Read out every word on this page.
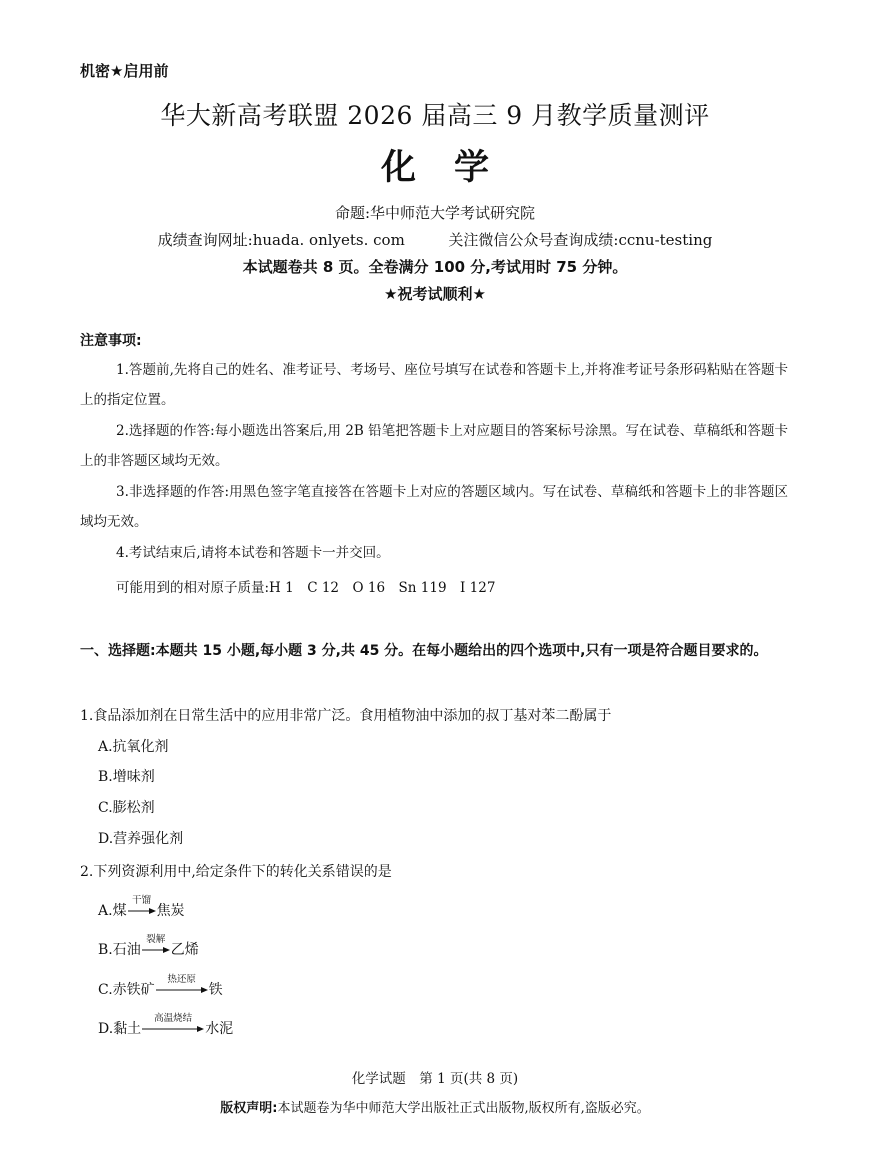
机密★启用前
华大新高考联盟 2026 届高三 9 月教学质量测评
化学
命题:华中师范大学考试研究院
成绩查询网址:huada. onlyets. com	关注微信公众号查询成绩:ccnu-testing
本试题卷共 8 页。全卷满分 100 分,考试用时 75 分钟。
★祝考试顺利★
注意事项:
1.答题前,先将自己的姓名、准考证号、考场号、座位号填写在试卷和答题卡上,并将准考证号条形码粘贴在答题卡上的指定位置。
2.选择题的作答:每小题选出答案后,用 2B 铅笔把答题卡上对应题目的答案标号涂黑。写在试卷、草稿纸和答题卡上的非答题区域均无效。
3.非选择题的作答:用黑色签字笔直接答在答题卡上对应的答题区域内。写在试卷、草稿纸和答题卡上的非答题区域均无效。
4.考试结束后,请将本试卷和答题卡一并交回。
可能用到的相对原子质量:H 1　C 12　O 16　Sn 119　I 127
一、选择题:本题共 15 小题,每小题 3 分,共 45 分。在每小题给出的四个选项中,只有一项是符合题目要求的。
1.食品添加剂在日常生活中的应用非常广泛。食用植物油中添加的叔丁基对苯二酚属于
A.抗氧化剂
B.增味剂
C.膨松剂
D.营养强化剂
2.下列资源利用中,给定条件下的转化关系错误的是
A.煤
干馏
焦炭
B.石油
裂解
乙烯
C.赤铁矿
热还原
铁
D.黏土
高温烧结
水泥
化学试题　第 1 页(共 8 页)
版权声明:本试题卷为华中师范大学出版社正式出版物,版权所有,盗版必究。
